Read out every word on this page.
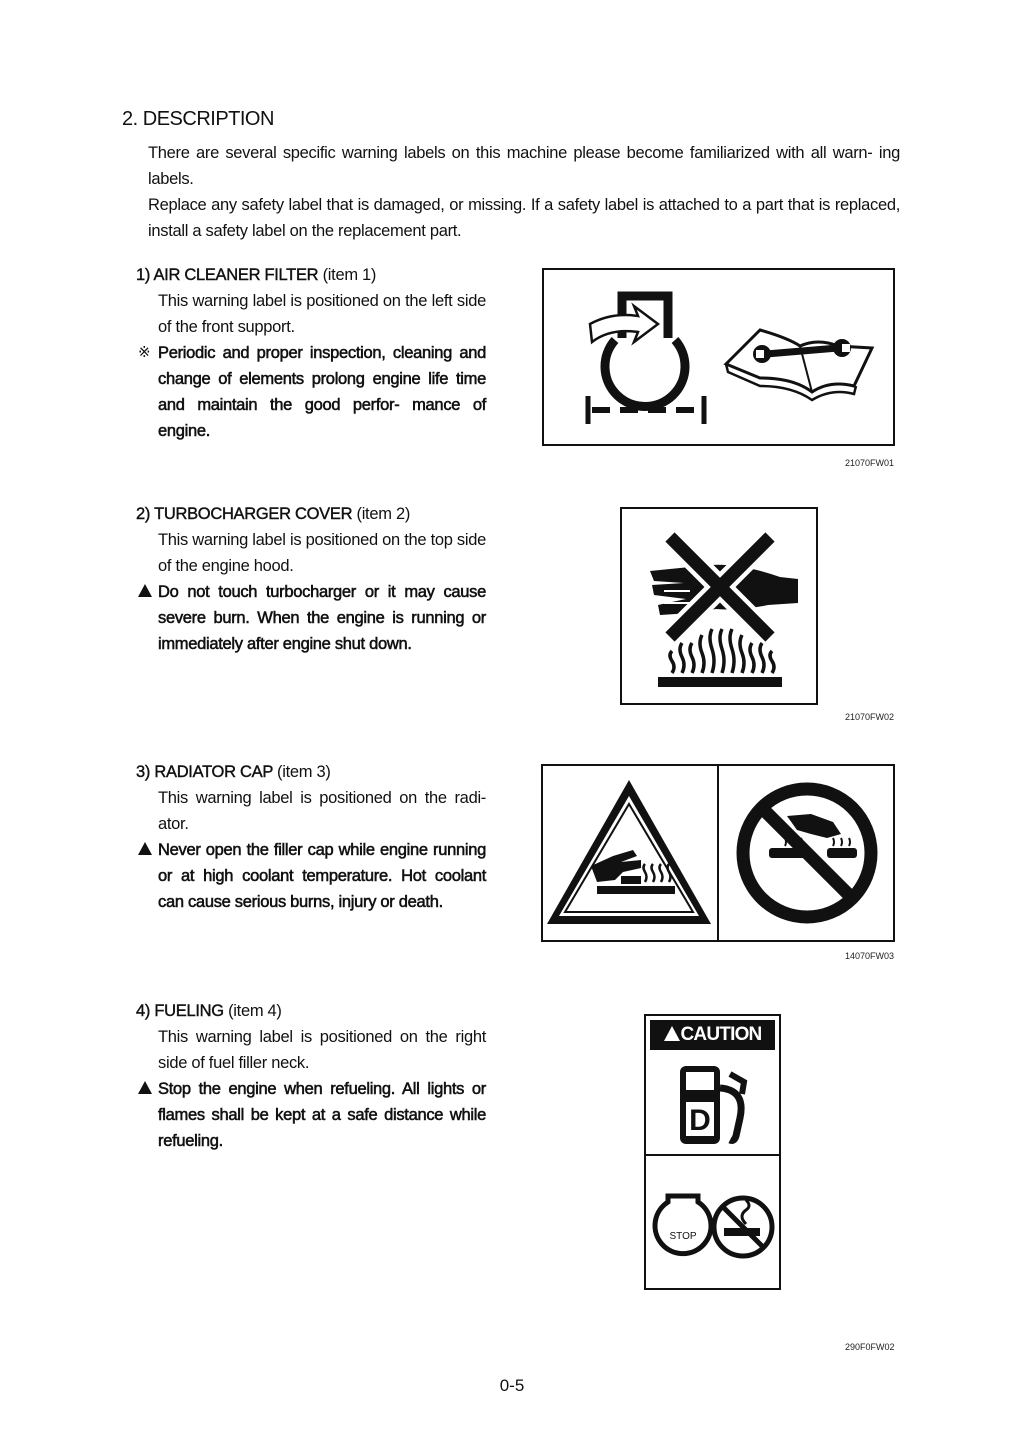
2. DESCRIPTION

There are several specific warning labels on this machine please become familiarized with all warn- ing labels.

Replace any safety label that is damaged, or missing. If a safety label is attached to a part that is replaced, install a safety label on the replacement part.

1) AIR CLEANER FILTER (item 1)

This warning label is positioned on the left side of the front support.

※ Periodic and proper inspection, cleaning and change of elements prolong engine life time and maintain the good perfor- mance of engine.

2) TURBOCHARGER COVER (item 2)

This warning label is positioned on the top side of the engine hood.

Do not touch turbocharger or it may cause severe burn. When the engine is running or immediately after engine shut down.

3) RADIATOR CAP (item 3)

This warning label is positioned on the radi- ator.

Never open the filler cap while engine running or at high coolant temperature. Hot coolant can cause serious burns, injury or death.

4) FUELING (item 4)

This warning label is positioned on the right side of fuel filler neck.

Stop the engine when refueling. All lights or flames shall be kept at a safe distance while refueling.

21070FW01
21070FW02
14070FW03
CAUTION
D
STOP
290F0FW02
0-5
